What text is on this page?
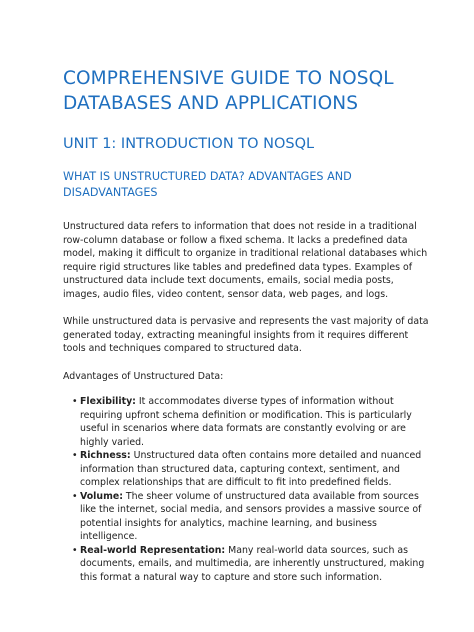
COMPREHENSIVE GUIDE TO NOSQL DATABASES AND APPLICATIONS
UNIT 1: INTRODUCTION TO NOSQL
WHAT IS UNSTRUCTURED DATA? ADVANTAGES AND DISADVANTAGES

Unstructured data refers to information that does not reside in a traditional row-column database or follow a fixed schema. It lacks a predefined data model, making it difficult to organize in traditional relational databases which require rigid structures like tables and predefined data types. Examples of unstructured data include text documents, emails, social media posts, images, audio files, video content, sensor data, web pages, and logs.

While unstructured data is pervasive and represents the vast majority of data generated today, extracting meaningful insights from it requires different tools and techniques compared to structured data.

Advantages of Unstructured Data:

• Flexibility: It accommodates diverse types of information without requiring upfront schema definition or modification. This is particularly useful in scenarios where data formats are constantly evolving or are highly varied.
• Richness: Unstructured data often contains more detailed and nuanced information than structured data, capturing context, sentiment, and complex relationships that are difficult to fit into predefined fields.
• Volume: The sheer volume of unstructured data available from sources like the internet, social media, and sensors provides a massive source of potential insights for analytics, machine learning, and business intelligence.
• Real-world Representation: Many real-world data sources, such as documents, emails, and multimedia, are inherently unstructured, making this format a natural way to capture and store such information.
